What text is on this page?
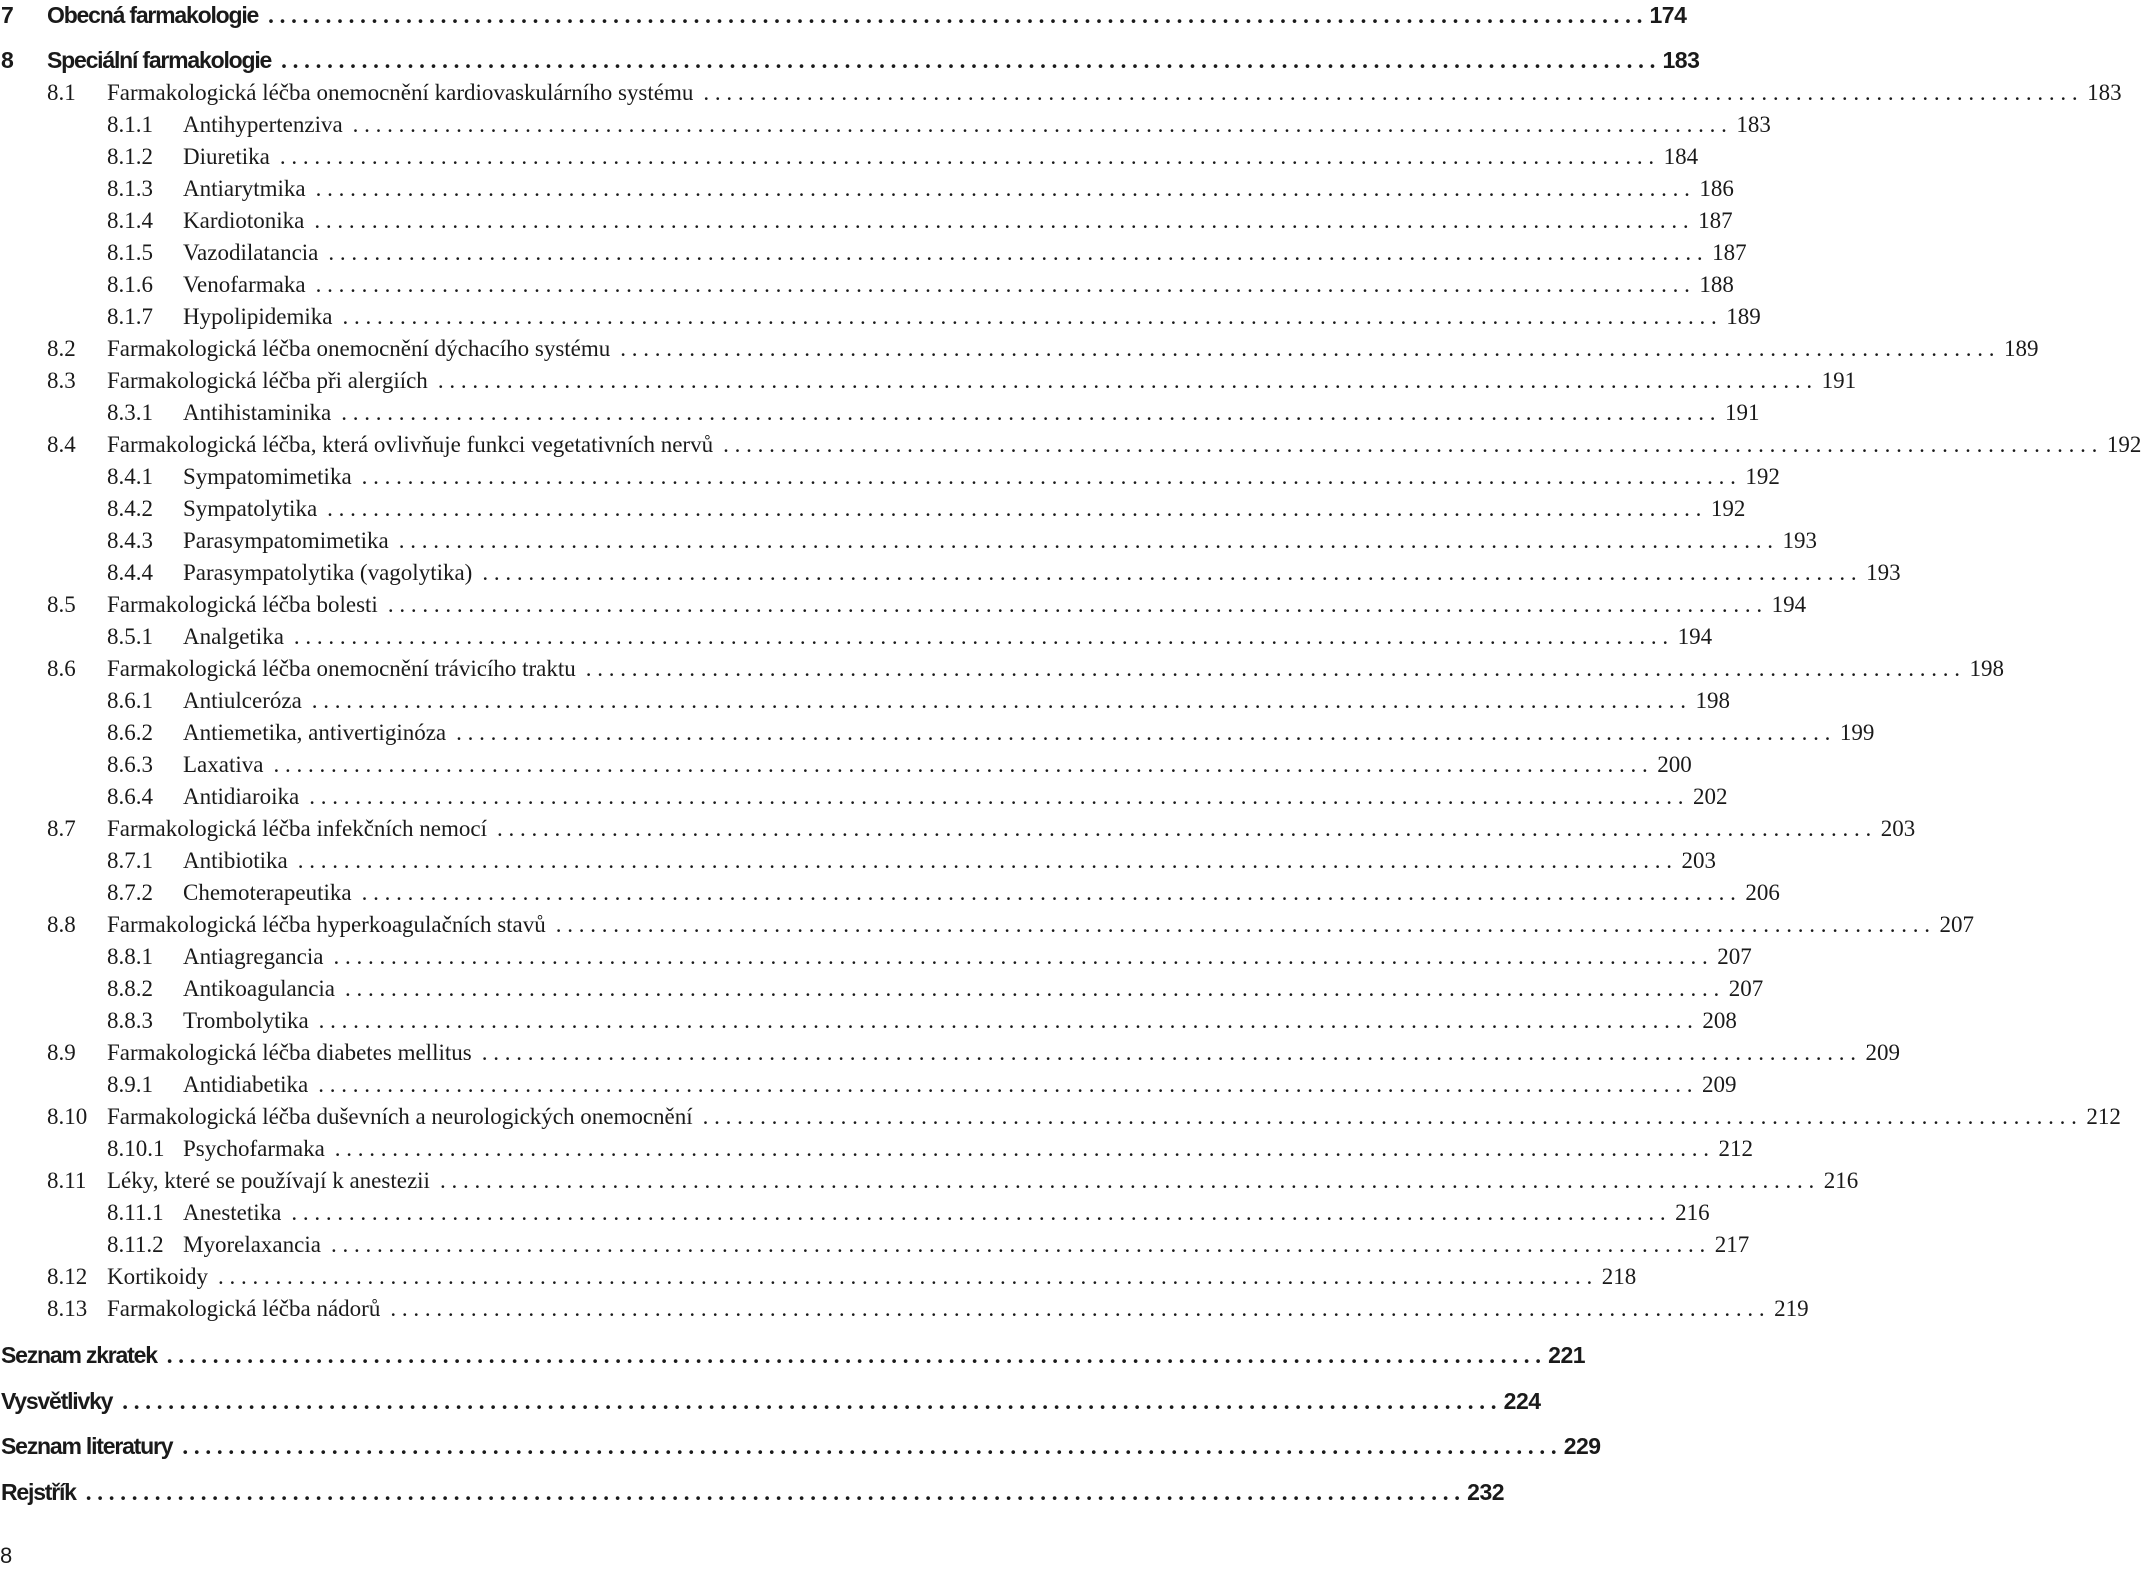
7	Obecná farmakologie . . . . . . . . . . . . . . . . . . . . . . . . . . . . . . . . . . . . . . . . . . . . . . . . . . . . . . . . . . . . . . . . . . . . . . . . . . . . . . . . . . . . . . . . . . . . . . . . . . . . . . . . . . . . . . . . . . . . . . . . 174
8	Speciální farmakologie . . . . . . . . . . . . . . . . . . . . . . . . . . . . . . . . . . . . . . . . . . . . . . . . . . . . . . . . . . . . . . . . . . . . . . . . . . . . . . . . . . . . . . . . . . . . . . . . . . . . . . . . . . . . . . . . . . . . . . . . 183
8.1	Farmakologická léčba onemocnění kardiovaskulárního systému . . . . . . . . . . . . . . . . . . . . . . . . . . . . . . . . . . . . . . . . . . . . . . . . . . . . . . . . . . . . . . . . . . . . . . . . . . . . . . . . . . . . . . . . . . . . . . . . . . . . . . . . . . . . . . . . . . . . . . . . 183
8.1.1	Antihypertenziva . . . . . . . . . . . . . . . . . . . . . . . . . . . . . . . . . . . . . . . . . . . . . . . . . . . . . . . . . . . . . . . . . . . . . . . . . . . . . . . . . . . . . . . . . . . . . . . . . . . . . . . . . . . . . . . . . . . . . . . . 183
8.1.2	Diuretika . . . . . . . . . . . . . . . . . . . . . . . . . . . . . . . . . . . . . . . . . . . . . . . . . . . . . . . . . . . . . . . . . . . . . . . . . . . . . . . . . . . . . . . . . . . . . . . . . . . . . . . . . . . . . . . . . . . . . . . . 184
8.1.3	Antiarytmika . . . . . . . . . . . . . . . . . . . . . . . . . . . . . . . . . . . . . . . . . . . . . . . . . . . . . . . . . . . . . . . . . . . . . . . . . . . . . . . . . . . . . . . . . . . . . . . . . . . . . . . . . . . . . . . . . . . . . . . . 186
8.1.4	Kardiotonika . . . . . . . . . . . . . . . . . . . . . . . . . . . . . . . . . . . . . . . . . . . . . . . . . . . . . . . . . . . . . . . . . . . . . . . . . . . . . . . . . . . . . . . . . . . . . . . . . . . . . . . . . . . . . . . . . . . . . . . . 187
8.1.5	Vazodilatancia . . . . . . . . . . . . . . . . . . . . . . . . . . . . . . . . . . . . . . . . . . . . . . . . . . . . . . . . . . . . . . . . . . . . . . . . . . . . . . . . . . . . . . . . . . . . . . . . . . . . . . . . . . . . . . . . . . . . . . . . 187
8.1.6	Venofarmaka . . . . . . . . . . . . . . . . . . . . . . . . . . . . . . . . . . . . . . . . . . . . . . . . . . . . . . . . . . . . . . . . . . . . . . . . . . . . . . . . . . . . . . . . . . . . . . . . . . . . . . . . . . . . . . . . . . . . . . . . 188
8.1.7	Hypolipidemika . . . . . . . . . . . . . . . . . . . . . . . . . . . . . . . . . . . . . . . . . . . . . . . . . . . . . . . . . . . . . . . . . . . . . . . . . . . . . . . . . . . . . . . . . . . . . . . . . . . . . . . . . . . . . . . . . . . . . . . . 189
8.2	Farmakologická léčba onemocnění dýchacího systému . . . . . . . . . . . . . . . . . . . . . . . . . . . . . . . . . . . . . . . . . . . . . . . . . . . . . . . . . . . . . . . . . . . . . . . . . . . . . . . . . . . . . . . . . . . . . . . . . . . . . . . . . . . . . . . . . . . . . . . . 189
8.3	Farmakologická léčba při alergiích . . . . . . . . . . . . . . . . . . . . . . . . . . . . . . . . . . . . . . . . . . . . . . . . . . . . . . . . . . . . . . . . . . . . . . . . . . . . . . . . . . . . . . . . . . . . . . . . . . . . . . . . . . . . . . . . . . . . . . . . 191
8.3.1	Antihistaminika . . . . . . . . . . . . . . . . . . . . . . . . . . . . . . . . . . . . . . . . . . . . . . . . . . . . . . . . . . . . . . . . . . . . . . . . . . . . . . . . . . . . . . . . . . . . . . . . . . . . . . . . . . . . . . . . . . . . . . . . 191
8.4	Farmakologická léčba, která ovlivňuje funkci vegetativních nervů . . . . . . . . . . . . . . . . . . . . . . . . . . . . . . . . . . . . . . . . . . . . . . . . . . . . . . . . . . . . . . . . . . . . . . . . . . . . . . . . . . . . . . . . . . . . . . . . . . . . . . . . . . . . . . . . . . . . . . . . 192
8.4.1	Sympatomimetika . . . . . . . . . . . . . . . . . . . . . . . . . . . . . . . . . . . . . . . . . . . . . . . . . . . . . . . . . . . . . . . . . . . . . . . . . . . . . . . . . . . . . . . . . . . . . . . . . . . . . . . . . . . . . . . . . . . . . . . . 192
8.4.2	Sympatolytika . . . . . . . . . . . . . . . . . . . . . . . . . . . . . . . . . . . . . . . . . . . . . . . . . . . . . . . . . . . . . . . . . . . . . . . . . . . . . . . . . . . . . . . . . . . . . . . . . . . . . . . . . . . . . . . . . . . . . . . . 192
8.4.3	Parasympatomimetika . . . . . . . . . . . . . . . . . . . . . . . . . . . . . . . . . . . . . . . . . . . . . . . . . . . . . . . . . . . . . . . . . . . . . . . . . . . . . . . . . . . . . . . . . . . . . . . . . . . . . . . . . . . . . . . . . . . . . . . . 193
8.4.4	Parasympatolytika (vagolytika) . . . . . . . . . . . . . . . . . . . . . . . . . . . . . . . . . . . . . . . . . . . . . . . . . . . . . . . . . . . . . . . . . . . . . . . . . . . . . . . . . . . . . . . . . . . . . . . . . . . . . . . . . . . . . . . . . . . . . . . . 193
8.5	Farmakologická léčba bolesti . . . . . . . . . . . . . . . . . . . . . . . . . . . . . . . . . . . . . . . . . . . . . . . . . . . . . . . . . . . . . . . . . . . . . . . . . . . . . . . . . . . . . . . . . . . . . . . . . . . . . . . . . . . . . . . . . . . . . . . . 194
8.5.1	Analgetika . . . . . . . . . . . . . . . . . . . . . . . . . . . . . . . . . . . . . . . . . . . . . . . . . . . . . . . . . . . . . . . . . . . . . . . . . . . . . . . . . . . . . . . . . . . . . . . . . . . . . . . . . . . . . . . . . . . . . . . . 194
8.6	Farmakologická léčba onemocnění trávicího traktu . . . . . . . . . . . . . . . . . . . . . . . . . . . . . . . . . . . . . . . . . . . . . . . . . . . . . . . . . . . . . . . . . . . . . . . . . . . . . . . . . . . . . . . . . . . . . . . . . . . . . . . . . . . . . . . . . . . . . . . . 198
8.6.1	Antiulceróza . . . . . . . . . . . . . . . . . . . . . . . . . . . . . . . . . . . . . . . . . . . . . . . . . . . . . . . . . . . . . . . . . . . . . . . . . . . . . . . . . . . . . . . . . . . . . . . . . . . . . . . . . . . . . . . . . . . . . . . . 198
8.6.2	Antiemetika, antivertiginóza . . . . . . . . . . . . . . . . . . . . . . . . . . . . . . . . . . . . . . . . . . . . . . . . . . . . . . . . . . . . . . . . . . . . . . . . . . . . . . . . . . . . . . . . . . . . . . . . . . . . . . . . . . . . . . . . . . . . . . . . 199
8.6.3	Laxativa . . . . . . . . . . . . . . . . . . . . . . . . . . . . . . . . . . . . . . . . . . . . . . . . . . . . . . . . . . . . . . . . . . . . . . . . . . . . . . . . . . . . . . . . . . . . . . . . . . . . . . . . . . . . . . . . . . . . . . . . 200
8.6.4	Antidiaroika . . . . . . . . . . . . . . . . . . . . . . . . . . . . . . . . . . . . . . . . . . . . . . . . . . . . . . . . . . . . . . . . . . . . . . . . . . . . . . . . . . . . . . . . . . . . . . . . . . . . . . . . . . . . . . . . . . . . . . . . 202
8.7	Farmakologická léčba infekčních nemocí . . . . . . . . . . . . . . . . . . . . . . . . . . . . . . . . . . . . . . . . . . . . . . . . . . . . . . . . . . . . . . . . . . . . . . . . . . . . . . . . . . . . . . . . . . . . . . . . . . . . . . . . . . . . . . . . . . . . . . . . 203
8.7.1	Antibiotika . . . . . . . . . . . . . . . . . . . . . . . . . . . . . . . . . . . . . . . . . . . . . . . . . . . . . . . . . . . . . . . . . . . . . . . . . . . . . . . . . . . . . . . . . . . . . . . . . . . . . . . . . . . . . . . . . . . . . . . . 203
8.7.2	Chemoterapeutika . . . . . . . . . . . . . . . . . . . . . . . . . . . . . . . . . . . . . . . . . . . . . . . . . . . . . . . . . . . . . . . . . . . . . . . . . . . . . . . . . . . . . . . . . . . . . . . . . . . . . . . . . . . . . . . . . . . . . . . . 206
8.8	Farmakologická léčba hyperkoagulačních stavů . . . . . . . . . . . . . . . . . . . . . . . . . . . . . . . . . . . . . . . . . . . . . . . . . . . . . . . . . . . . . . . . . . . . . . . . . . . . . . . . . . . . . . . . . . . . . . . . . . . . . . . . . . . . . . . . . . . . . . . . 207
8.8.1	Antiagregancia . . . . . . . . . . . . . . . . . . . . . . . . . . . . . . . . . . . . . . . . . . . . . . . . . . . . . . . . . . . . . . . . . . . . . . . . . . . . . . . . . . . . . . . . . . . . . . . . . . . . . . . . . . . . . . . . . . . . . . . . 207
8.8.2	Antikoagulancia . . . . . . . . . . . . . . . . . . . . . . . . . . . . . . . . . . . . . . . . . . . . . . . . . . . . . . . . . . . . . . . . . . . . . . . . . . . . . . . . . . . . . . . . . . . . . . . . . . . . . . . . . . . . . . . . . . . . . . . . 207
8.8.3	Trombolytika . . . . . . . . . . . . . . . . . . . . . . . . . . . . . . . . . . . . . . . . . . . . . . . . . . . . . . . . . . . . . . . . . . . . . . . . . . . . . . . . . . . . . . . . . . . . . . . . . . . . . . . . . . . . . . . . . . . . . . . . 208
8.9	Farmakologická léčba diabetes mellitus . . . . . . . . . . . . . . . . . . . . . . . . . . . . . . . . . . . . . . . . . . . . . . . . . . . . . . . . . . . . . . . . . . . . . . . . . . . . . . . . . . . . . . . . . . . . . . . . . . . . . . . . . . . . . . . . . . . . . . . . 209
8.9.1	Antidiabetika . . . . . . . . . . . . . . . . . . . . . . . . . . . . . . . . . . . . . . . . . . . . . . . . . . . . . . . . . . . . . . . . . . . . . . . . . . . . . . . . . . . . . . . . . . . . . . . . . . . . . . . . . . . . . . . . . . . . . . . . 209
8.10 Farmakologická léčba duševních a neurologických onemocnění . . . . . . . . . . . . . . . . . . . . . . . . . . . . . . . . . . . . . . . . . . . . . . . . . . . . . . . . . . . . . . . . . . . . . . . . . . . . . . . . . . . . . . . . . . . . . . . . . . . . . . . . . . . . . . . . . . . . . . . . 212
8.10.1 Psychofarmaka . . . . . . . . . . . . . . . . . . . . . . . . . . . . . . . . . . . . . . . . . . . . . . . . . . . . . . . . . . . . . . . . . . . . . . . . . . . . . . . . . . . . . . . . . . . . . . . . . . . . . . . . . . . . . . . . . . . . . . . . 212
8.11 Léky, které se používají k anestezii . . . . . . . . . . . . . . . . . . . . . . . . . . . . . . . . . . . . . . . . . . . . . . . . . . . . . . . . . . . . . . . . . . . . . . . . . . . . . . . . . . . . . . . . . . . . . . . . . . . . . . . . . . . . . . . . . . . . . . . . 216
8.11.1 Anestetika . . . . . . . . . . . . . . . . . . . . . . . . . . . . . . . . . . . . . . . . . . . . . . . . . . . . . . . . . . . . . . . . . . . . . . . . . . . . . . . . . . . . . . . . . . . . . . . . . . . . . . . . . . . . . . . . . . . . . . . . 216
8.11.2 Myorelaxancia . . . . . . . . . . . . . . . . . . . . . . . . . . . . . . . . . . . . . . . . . . . . . . . . . . . . . . . . . . . . . . . . . . . . . . . . . . . . . . . . . . . . . . . . . . . . . . . . . . . . . . . . . . . . . . . . . . . . . . . . 217
8.12 Kortikoidy . . . . . . . . . . . . . . . . . . . . . . . . . . . . . . . . . . . . . . . . . . . . . . . . . . . . . . . . . . . . . . . . . . . . . . . . . . . . . . . . . . . . . . . . . . . . . . . . . . . . . . . . . . . . . . . . . . . . . . . . 218
8.13 Farmakologická léčba nádorů . . . . . . . . . . . . . . . . . . . . . . . . . . . . . . . . . . . . . . . . . . . . . . . . . . . . . . . . . . . . . . . . . . . . . . . . . . . . . . . . . . . . . . . . . . . . . . . . . . . . . . . . . . . . . . . . . . . . . . . . 219
Seznam zkratek . . . . . . . . . . . . . . . . . . . . . . . . . . . . . . . . . . . . . . . . . . . . . . . . . . . . . . . . . . . . . . . . . . . . . . . . . . . . . . . . . . . . . . . . . . . . . . . . . . . . . . . . . . . . . . . . . . . . . . . . 221
Vysvětlivky . . . . . . . . . . . . . . . . . . . . . . . . . . . . . . . . . . . . . . . . . . . . . . . . . . . . . . . . . . . . . . . . . . . . . . . . . . . . . . . . . . . . . . . . . . . . . . . . . . . . . . . . . . . . . . . . . . . . . . . . 224
Seznam literatury . . . . . . . . . . . . . . . . . . . . . . . . . . . . . . . . . . . . . . . . . . . . . . . . . . . . . . . . . . . . . . . . . . . . . . . . . . . . . . . . . . . . . . . . . . . . . . . . . . . . . . . . . . . . . . . . . . . . . . . . 229
Rejstřík . . . . . . . . . . . . . . . . . . . . . . . . . . . . . . . . . . . . . . . . . . . . . . . . . . . . . . . . . . . . . . . . . . . . . . . . . . . . . . . . . . . . . . . . . . . . . . . . . . . . . . . . . . . . . . . . . . . . . . . . 232
8
